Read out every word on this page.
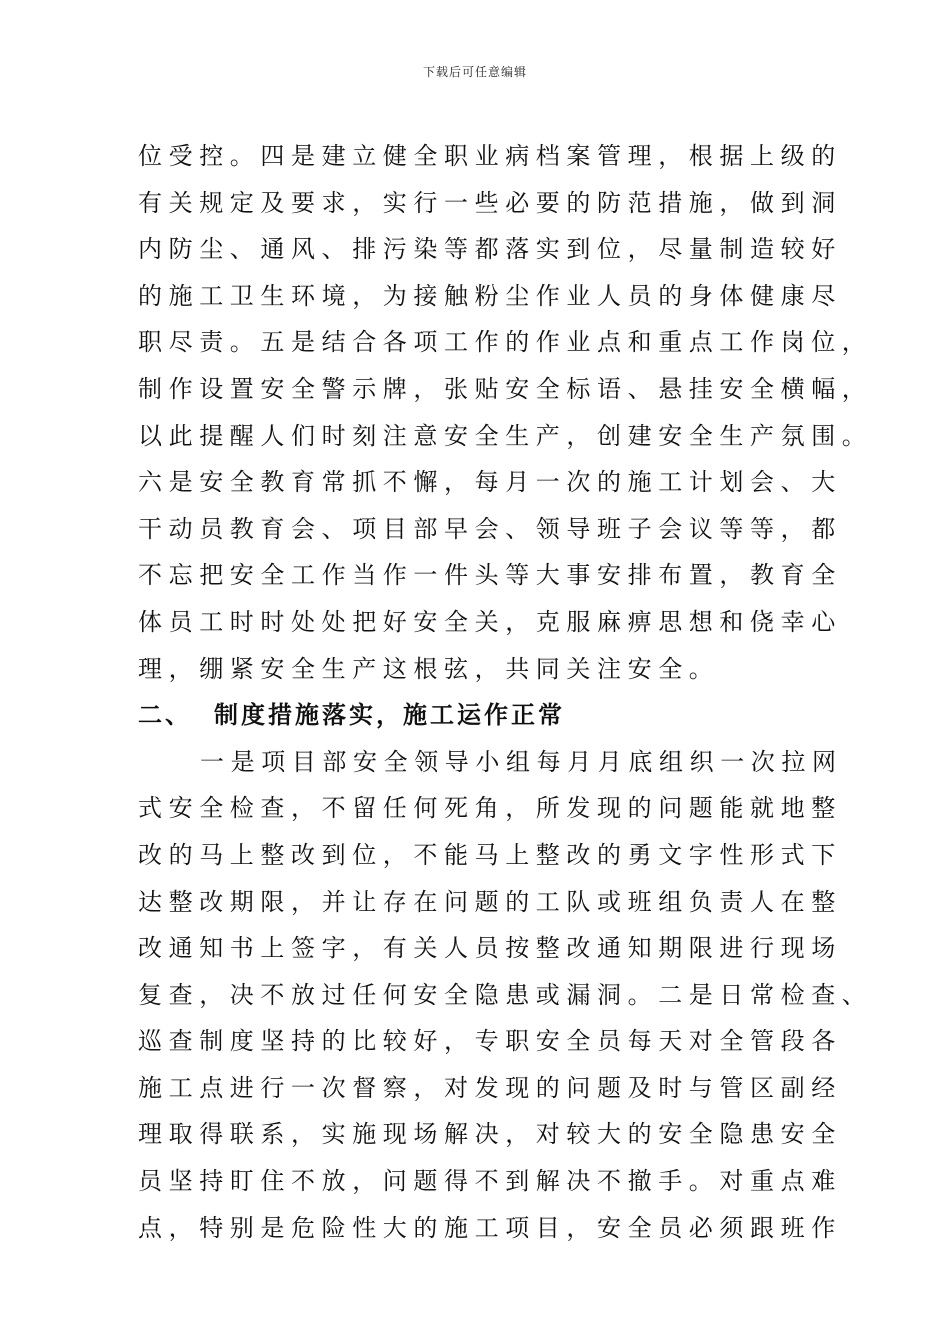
下载后可任意编辑
位受控。四是建立健全职业病档案管理，根据上级的
有关规定及要求，实行一些必要的防范措施，做到洞
内防尘、通风、排污染等都落实到位，尽量制造较好
的施工卫生环境，为接触粉尘作业人员的身体健康尽
职尽责。五是结合各项工作的作业点和重点工作岗位，
制作设置安全警示牌，张贴安全标语、悬挂安全横幅，
以此提醒人们时刻注意安全生产，创建安全生产氛围。
六是安全教育常抓不懈，每月一次的施工计划会、大
干动员教育会、项目部早会、领导班子会议等等，都
不忘把安全工作当作一件头等大事安排布置，教育全
体员工时时处处把好安全关，克服麻痹思想和侥幸心
理，绷紧安全生产这根弦，共同关注安全。
二、 制度措施落实，施工运作正常
一是项目部安全领导小组每月月底组织一次拉网
式安全检查，不留任何死角，所发现的问题能就地整
改的马上整改到位，不能马上整改的勇文字性形式下
达整改期限，并让存在问题的工队或班组负责人在整
改通知书上签字，有关人员按整改通知期限进行现场
复查，决不放过任何安全隐患或漏洞。二是日常检查、
巡查制度坚持的比较好，专职安全员每天对全管段各
施工点进行一次督察，对发现的问题及时与管区副经
理取得联系，实施现场解决，对较大的安全隐患安全
员坚持盯住不放，问题得不到解决不撤手。对重点难
点，特别是危险性大的施工项目，安全员必须跟班作
